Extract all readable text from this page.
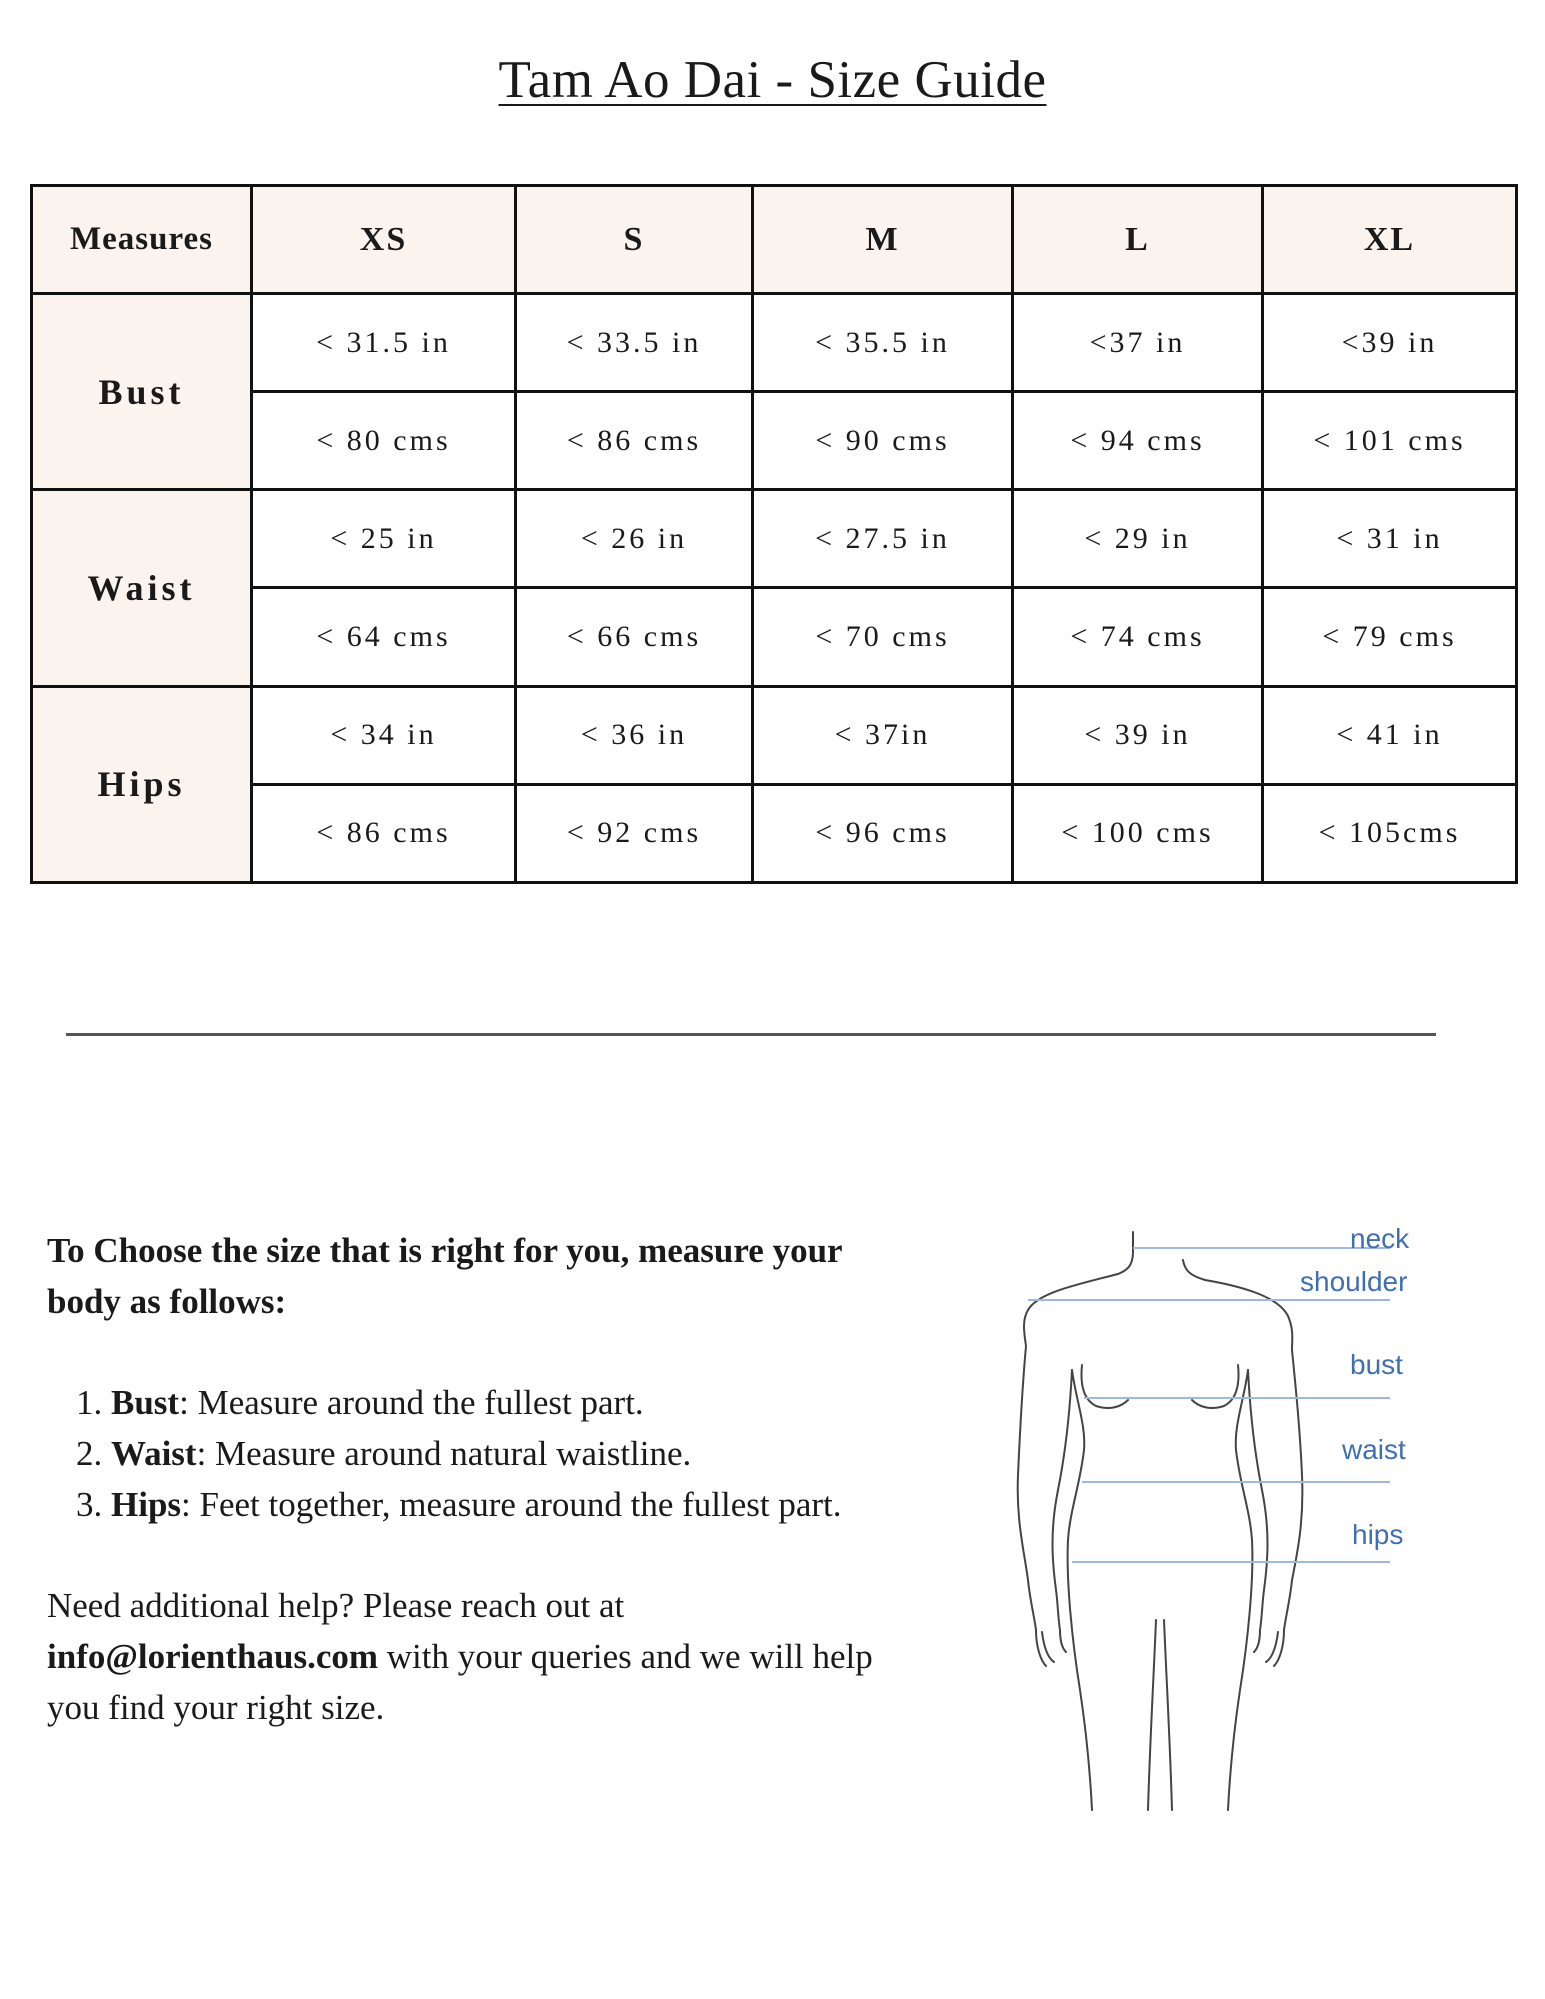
Tam Ao Dai - Size Guide
Measures	XS	S	M	L	XL
Bust	< 31.5 in	< 33.5 in	< 35.5 in	<37 in	<39 in
	< 80 cms	< 86 cms	< 90 cms	< 94 cms	< 101 cms
Waist	< 25 in	< 26 in	< 27.5 in	< 29 in	< 31 in
	< 64 cms	< 66 cms	< 70 cms	< 74 cms	< 79 cms
Hips	< 34 in	< 36 in	< 37in	< 39 in	< 41 in
	< 86 cms	< 92 cms	< 96 cms	< 100 cms	< 105cms

To Choose the size that is right for you, measure your body as follows:

1. Bust: Measure around the fullest part.
2. Waist: Measure around natural waistline.
3. Hips: Feet together, measure around the fullest part.

Need additional help? Please reach out at info@lorienthaus.com with your queries and we will help you find your right size.

neck
shoulder
bust
waist
hips
